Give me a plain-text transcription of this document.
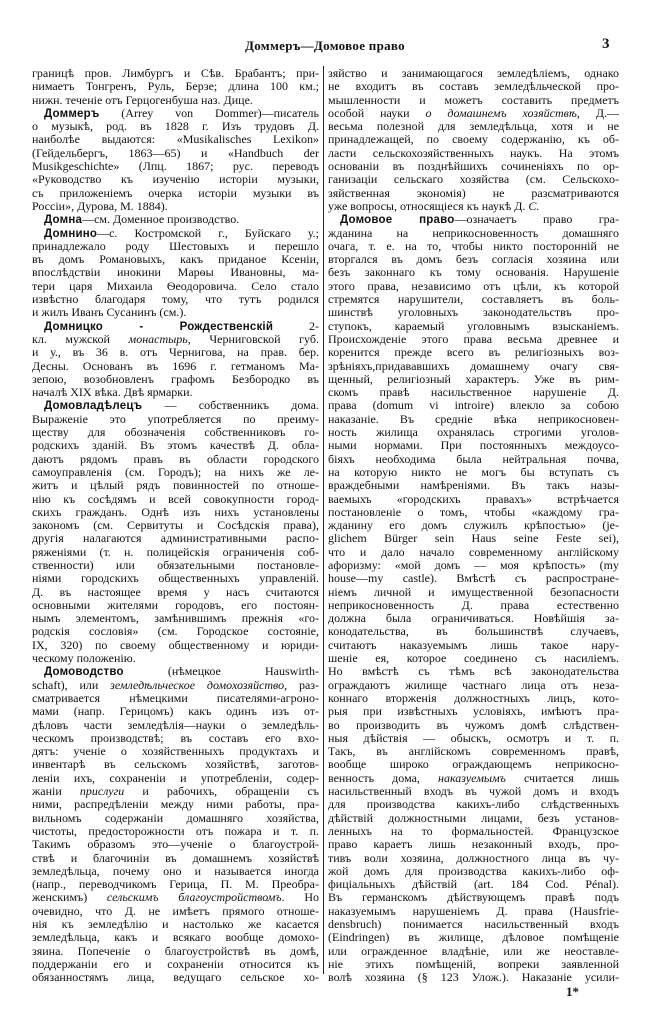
Доммеръ—Домовое право	3
границѣ пров. Лимбургъ и Сѣв. Брабантъ; при-
нимаетъ Тонгренъ, Руль, Берзе; длина 100 км.;
нижн. теченіе отъ Герцогенбуша наз. Дице.
Доммеръ (Arrey von Dommer)—писатель
о музыкѣ, род. въ 1828 г. Изъ трудовъ Д.
наиболѣе выдаются: «Musikalisches Lexikon»
(Гейдельбергъ, 1863—65) и «Handbuch der
Musikgeschichte» (Лпц. 1867; рус. переводъ
«Руководство къ изученію исторіи музыки,
съ приложеніемъ очерка исторіи музыки въ
Россіи», Дурова, М. 1884).
Домна—см. Доменное производство.
Домнино—с. Костромской г., Буйскаго у.;
принадлежало роду Шестовыхъ и перешло
въ домъ Романовыхъ, какъ приданое Ксеніи,
впослѣдствіи инокини Марѳы Ивановны, ма-
тери царя Михаила Ѳеодоровича. Село стало
извѣстно благодаря тому, что тутъ родился
и жилъ Иванъ Сусанинъ (см.).
Домницко - Рождественскій 2-
кл. мужской монастырь, Черниговской губ.
и у., въ 36 в. отъ Чернигова, на прав. бер.
Десны. Основанъ въ 1696 г. гетманомъ Ма-
зепою, возобновленъ графомъ Безбородко въ
началѣ XIX вѣка. Двѣ ярмарки.
Домовладѣлецъ — собственникъ дома.
Выраженіе это употребляется по преиму-
ществу для обозначенія собственниковъ го-
родскихъ зданій. Въ этомъ качествѣ Д. обла-
даютъ рядомъ правъ въ области городского
самоуправленія (см. Городъ); на нихъ же ле-
житъ и цѣлый рядъ повинностей по отноше-
нію къ сосѣдямъ и всей совокупности город-
скихъ гражданъ. Однѣ изъ нихъ установлены
закономъ (см. Сервитуты и Сосѣдскія права),
другія налагаются административными распо-
ряженіями (т. н. полицейскія ограниченія соб-
ственности) или обязательными постановле-
ніями городскихъ общественныхъ управленій.
Д. въ настоящее время у насъ считаются
основными жителями городовъ, его постоян-
нымъ элементомъ, замѣнившимъ прежнія «го-
родскія сословія» (см. Городское состояніе,
IX, 320) по своему общественному и юриди-
ческому положенію.
Домоводство (нѣмецкое Hauswirth-
schaft), или земледѣльческое домохозяйство, раз-
сматривается нѣмецкими писателями-агроно-
мами (напр. Герицомъ) какъ одинъ изъ от-
дѣловъ части земледѣлія—науки о земледѣль-
ческомъ производствѣ; въ составъ его вхо-
дятъ: ученіе о хозяйственныхъ продуктахъ и
инвентарѣ въ сельскомъ хозяйствѣ, заготов-
леніи ихъ, сохраненіи и употребленіи, содер-
жаніи прислуги и рабочихъ, обращеніи съ
ними, распредѣленіи между ними работы, пра-
вильномъ содержаніи домашняго хозяйства,
чистоты, предосторожности отъ пожара и т. п.
Такимъ образомъ это—ученіе о благоустрой-
ствѣ и благочиніи въ домашнемъ хозяйствѣ
земледѣльца, почему оно и называется иногда
(напр., переводчикомъ Герица, П. М. Преобра-
женскимъ) сельскимъ благоустройствомъ. Но
очевидно, что Д. не имѣетъ прямого отноше-
нія къ земледѣлію и настолько же касается
земледѣльца, какъ и всякаго вообще домохо-
зяина. Попеченіе о благоустройствѣ въ домѣ,
поддержаніи его и сохраненіи относится къ
обязанностямъ лица, ведущаго сельское хо-
зяйство и занимающагося земледѣліемъ, однако
не входитъ въ составъ земледѣльческой про-
мышленности и можетъ составить предметъ
особой науки о домашнемъ хозяйствѣ, Д.—
весьма полезной для земледѣльца, хотя и не
принадлежащей, по своему содержанію, къ об-
ласти сельскохозяйственныхъ наукъ. На этомъ
основаніи въ позднѣйшихъ сочиненіяхъ по ор-
ганизаціи сельскаго хозяйства (см. Сельскохо-
зяйственная экономія) не разсматриваются
уже вопросы, относящіеся къ наукѣ Д. С.
Домовое право—означаетъ право гра-
жданина на неприкосновенность домашняго
очага, т. е. на то, чтобы никто посторонній не
вторгался въ домъ безъ согласія хозяина или
безъ законнаго къ тому основанія. Нарушеніе
этого права, независимо отъ цѣли, къ которой
стремятся нарушители, составляетъ въ боль-
шинствѣ уголовныхъ законодательствъ про-
ступокъ, караемый уголовнымъ взысканіемъ.
Происхожденіе этого права весьма древнее и
коренится прежде всего въ религіозныхъ воз-
зрѣніяхъ,придававшихъ домашнему очагу свя-
щенный, религіозный характеръ. Уже въ рим-
скомъ правѣ насильственное нарушеніе Д.
права (domum vi introire) влекло за собою
наказаніе. Въ средніе вѣка неприкосновен-
ность жилища охранялась строгими уголов-
ными нормами. При постоянныхъ междоусо-
біяхъ необходима была нейтральная почва,
на которую никто не могъ бы вступать съ
враждебными намѣреніями. Въ такъ назы-
ваемыхъ «городскихъ правахъ» встрѣчается
постановленіе о томъ, чтобы «каждому гра-
жданину его домъ служилъ крѣпостью» (je-
glichem Bürger sein Haus seine Feste sei),
что и дало начало современному англійскому
афоризму: «мой домъ — моя крѣпость» (my
house—my castle). Вмѣстѣ съ распростране-
ніемъ личной и имущественной безопасности
неприкосновенность Д. права естественно
должна была ограничиваться. Новѣйшія за-
конодательства, въ большинствѣ случаевъ,
считаютъ наказуемымъ лишь такое нару-
шеніе ея, которое соединено съ насиліемъ.
Но вмѣстѣ съ тѣмъ всѣ законодательства
ограждаютъ жилище частнаго лица отъ неза-
коннаго вторженія должностныхъ лицъ, кото-
рыя при извѣстныхъ условіяхъ, имѣютъ пра-
во производить въ чужомъ домѣ слѣдствен-
ныя дѣйствія — обыскъ, осмотръ и т. п.
Такъ, въ англійскомъ современномъ правѣ,
вообще широко ограждающемъ неприкосно-
венность дома, наказуемымъ считается лишь
насильственный входъ въ чужой домъ и входъ
для производства какихъ-либо слѣдственныхъ
дѣйствій должностными лицами, безъ установ-
ленныхъ на то формальностей. Французское
право караетъ лишь незаконный входъ, про-
тивъ воли хозяина, должностного лица въ чу-
жой домъ для производства какихъ-либо оф-
фиціальныхъ дѣйствій (art. 184 Cod. Pénal).
Въ германскомъ дѣйствующемъ правѣ подъ
наказуемымъ нарушеніемъ Д. права (Hausfrie-
densbruch) понимается насильственный входъ
(Eindringen) въ жилище, дѣловое помѣщеніе
или огражденное владѣніе, или же неоставле-
ніе этихъ помѣщеній, вопреки заявленной
волѣ хозяина (§ 123 Улож.). Наказаніе усили-
1*
